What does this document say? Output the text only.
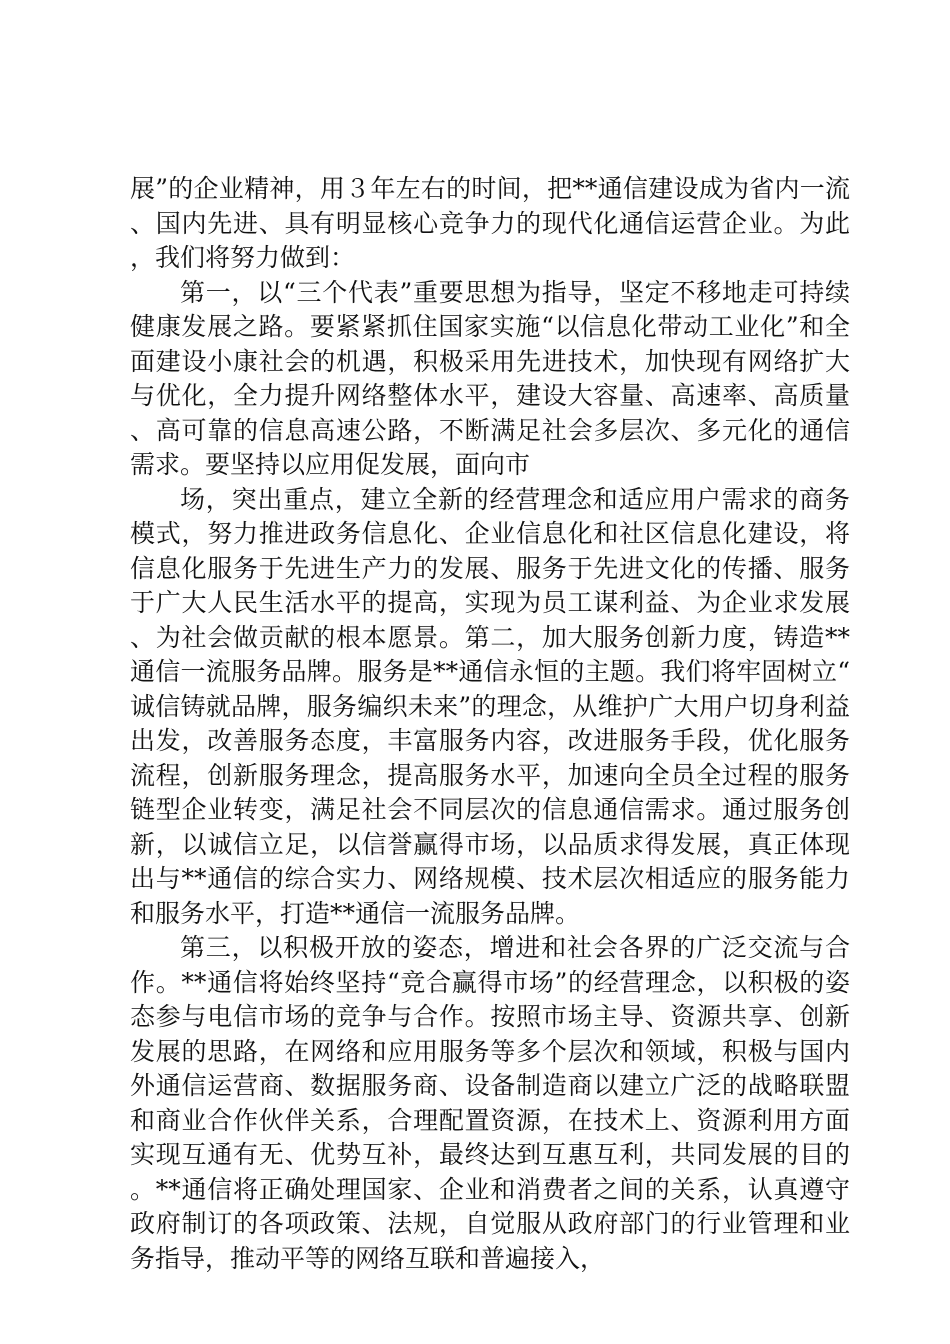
展”的企业精神，用３年左右的时间，把**通信建设成为省内一流、国内先进、具有明显核心竞争力的现代化通信运营企业。为此，我们将努力做到：

第一，以“三个代表”重要思想为指导，坚定不移地走可持续健康发展之路。要紧紧抓住国家实施“以信息化带动工业化”和全面建设小康社会的机遇，积极采用先进技术，加快现有网络扩大与优化，全力提升网络整体水平，建设大容量、高速率、高质量、高可靠的信息高速公路，不断满足社会多层次、多元化的通信需求。要坚持以应用促发展，面向市

场，突出重点，建立全新的经营理念和适应用户需求的商务模式，努力推进政务信息化、企业信息化和社区信息化建设，将信息化服务于先进生产力的发展、服务于先进文化的传播、服务于广大人民生活水平的提高，实现为员工谋利益、为企业求发展、为社会做贡献的根本愿景。第二，加大服务创新力度，铸造**通信一流服务品牌。服务是**通信永恒的主题。我们将牢固树立“诚信铸就品牌，服务编织未来”的理念，从维护广大用户切身利益出发，改善服务态度，丰富服务内容，改进服务手段，优化服务流程，创新服务理念，提高服务水平，加速向全员全过程的服务链型企业转变，满足社会不同层次的信息通信需求。通过服务创新，以诚信立足，以信誉赢得市场，以品质求得发展，真正体现出与**通信的综合实力、网络规模、技术层次相适应的服务能力和服务水平，打造**通信一流服务品牌。

第三，以积极开放的姿态，增进和社会各界的广泛交流与合作。**通信将始终坚持“竞合赢得市场”的经营理念，以积极的姿态参与电信市场的竞争与合作。按照市场主导、资源共享、创新发展的思路，在网络和应用服务等多个层次和领域，积极与国内外通信运营商、数据服务商、设备制造商以建立广泛的战略联盟和商业合作伙伴关系，合理配置资源，在技术上、资源利用方面实现互通有无、优势互补，最终达到互惠互利，共同发展的目的。**通信将正确处理国家、企业和消费者之间的关系，认真遵守政府制订的各项政策、法规，自觉服从政府部门的行业管理和业务指导，推动平等的网络互联和普遍接入，
